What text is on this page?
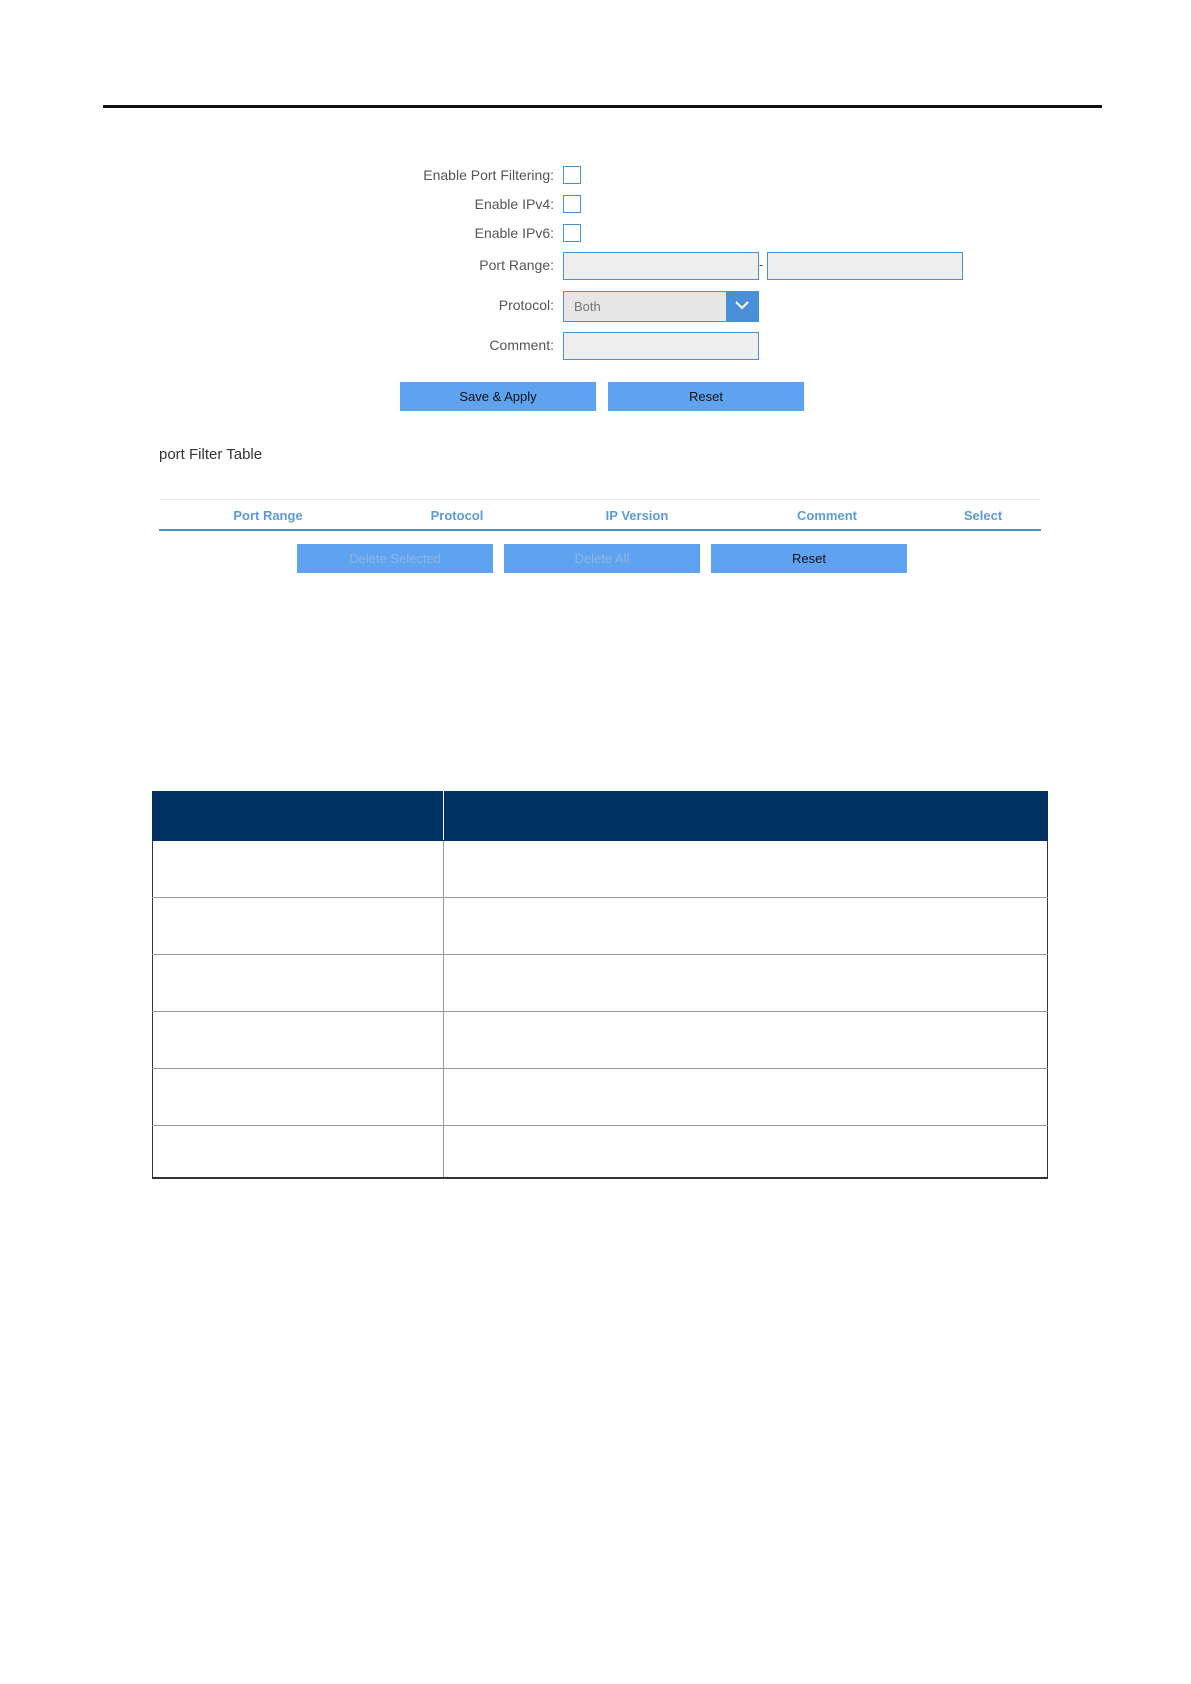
Enable Port Filtering:
Enable IPv4:
Enable IPv6:
Port Range:	-
Protocol: Both
Comment:
Save & Apply	Reset
port Filter Table
Port Range	Protocol	IP Version	Comment	Select
Delete Selected	Delete All	Reset
